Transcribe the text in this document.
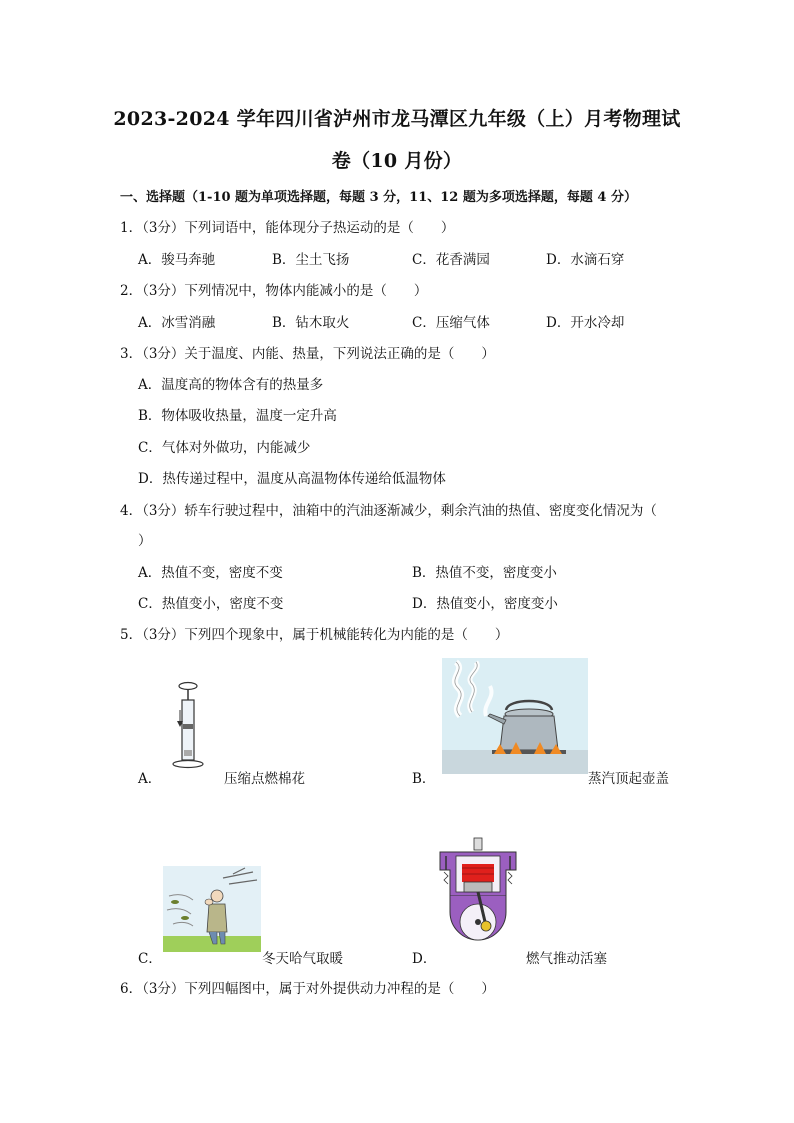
2023-2024 学年四川省泸州市龙马潭区九年级（上）月考物理试
卷（10 月份）
一、选择题（1-10 题为单项选择题，每题 3 分，11、12 题为多项选择题，每题 4 分）
1．（3分）下列词语中，能体现分子热运动的是（　　）
A．骏马奔驰	B．尘土飞扬	C．花香满园	D．水滴石穿
2．（3分）下列情况中，物体内能减小的是（　　）
A．冰雪消融	B．钻木取火	C．压缩气体	D．开水冷却
3．（3分）关于温度、内能、热量，下列说法正确的是（　　）
A．温度高的物体含有的热量多
B．物体吸收热量，温度一定升高
C．气体对外做功，内能减少
D．热传递过程中，温度从高温物体传递给低温物体
4．（3分）轿车行驶过程中，油箱中的汽油逐渐减少，剩余汽油的热值、密度变化情况为（
）
A．热值不变，密度不变	B．热值不变，密度变小
C．热值变小，密度不变	D．热值变小，密度变小
5．（3分）下列四个现象中，属于机械能转化为内能的是（　　）
A．	压缩点燃棉花	B．	蒸汽顶起壶盖
C．	冬天哈气取暖	D．	燃气推动活塞
6．（3分）下列四幅图中，属于对外提供动力冲程的是（　　）
